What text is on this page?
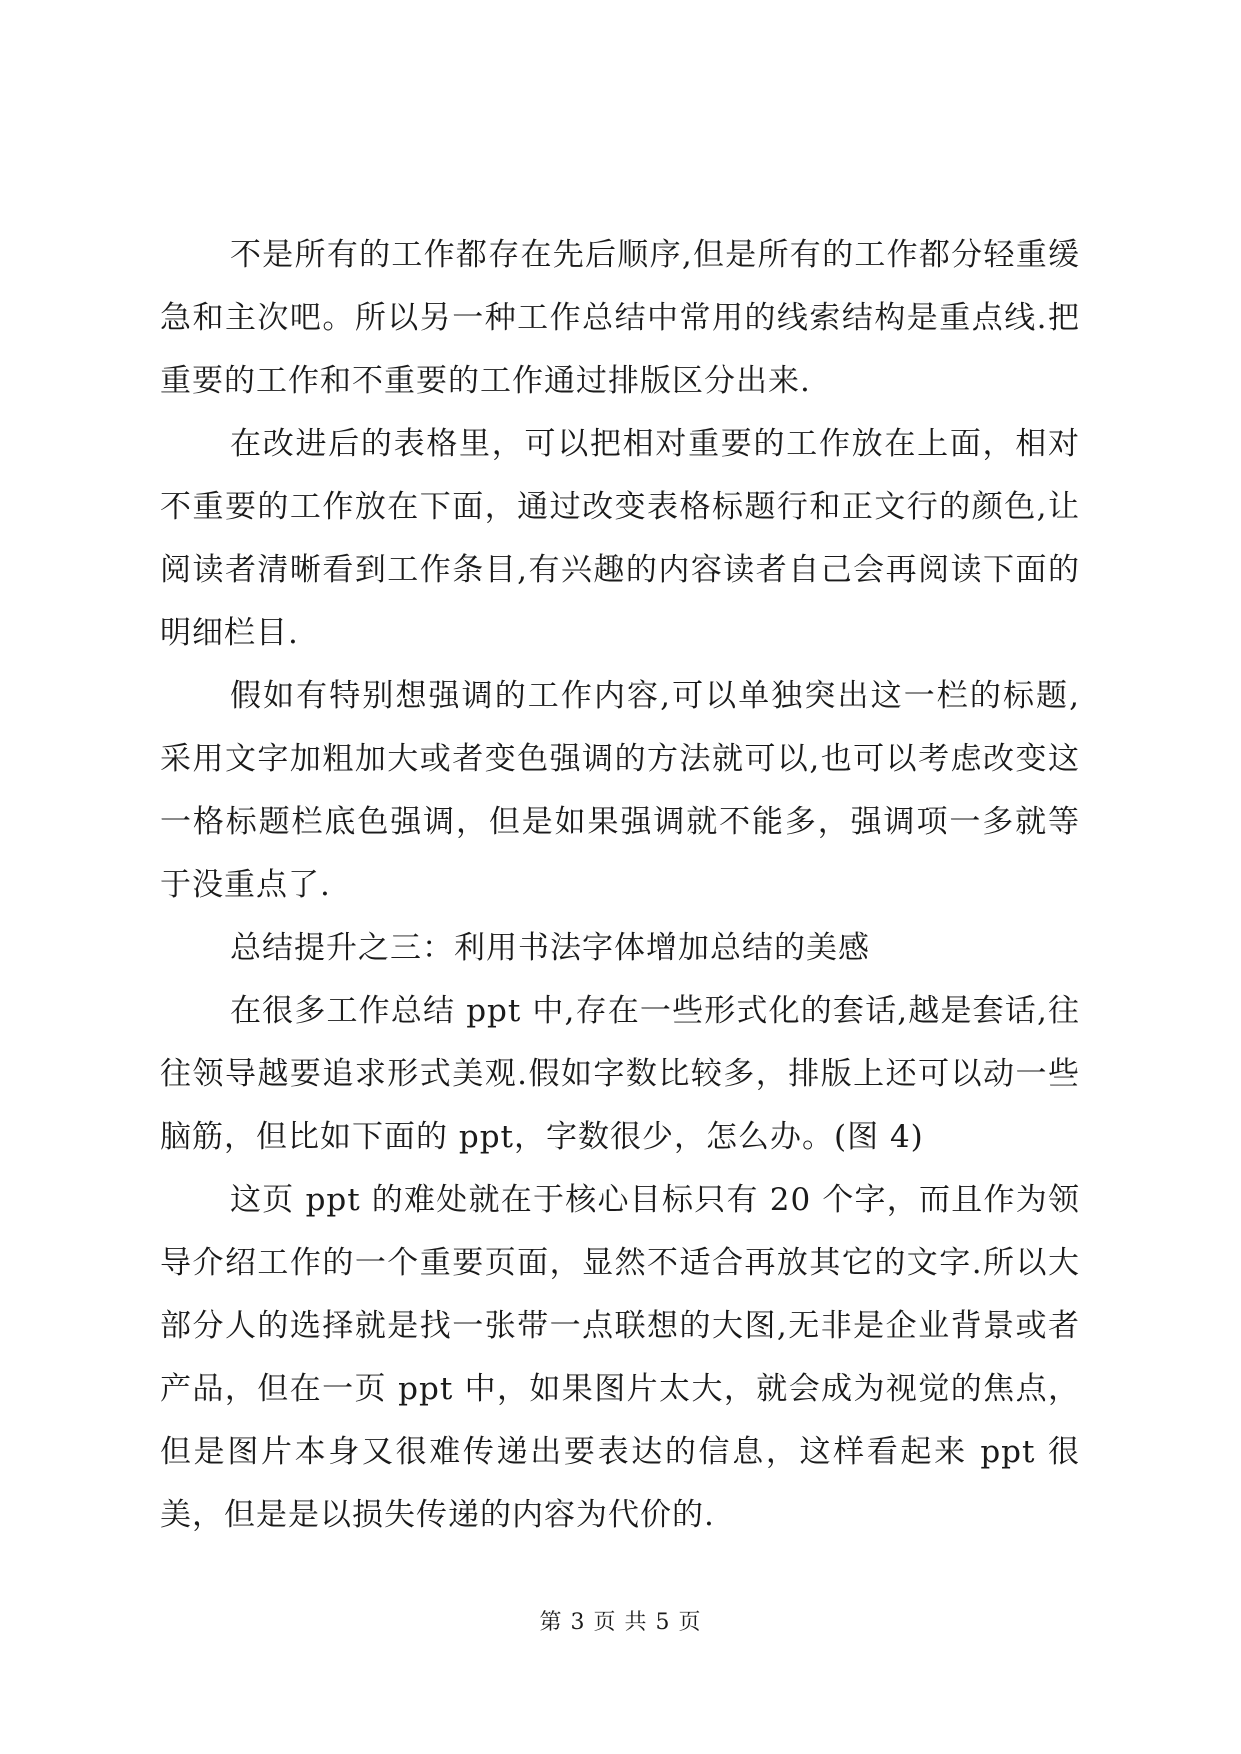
不是所有的工作都存在先后顺序,但是所有的工作都分轻重缓急和主次吧。所以另一种工作总结中常用的线索结构是重点线.把重要的工作和不重要的工作通过排版区分出来.

在改进后的表格里，可以把相对重要的工作放在上面，相对不重要的工作放在下面，通过改变表格标题行和正文行的颜色,让阅读者清晰看到工作条目,有兴趣的内容读者自己会再阅读下面的明细栏目.

假如有特别想强调的工作内容,可以单独突出这一栏的标题,采用文字加粗加大或者变色强调的方法就可以,也可以考虑改变这一格标题栏底色强调，但是如果强调就不能多，强调项一多就等于没重点了.

总结提升之三：利用书法字体增加总结的美感

在很多工作总结 ppt 中,存在一些形式化的套话,越是套话,往往领导越要追求形式美观.假如字数比较多，排版上还可以动一些脑筋，但比如下面的 ppt，字数很少，怎么办。(图 4)

这页 ppt 的难处就在于核心目标只有 20 个字，而且作为领导介绍工作的一个重要页面，显然不适合再放其它的文字.所以大部分人的选择就是找一张带一点联想的大图,无非是企业背景或者产品，但在一页 ppt 中，如果图片太大，就会成为视觉的焦点，但是图片本身又很难传递出要表达的信息，这样看起来 ppt 很美，但是是以损失传递的内容为代价的.

第 3 页 共 5 页
